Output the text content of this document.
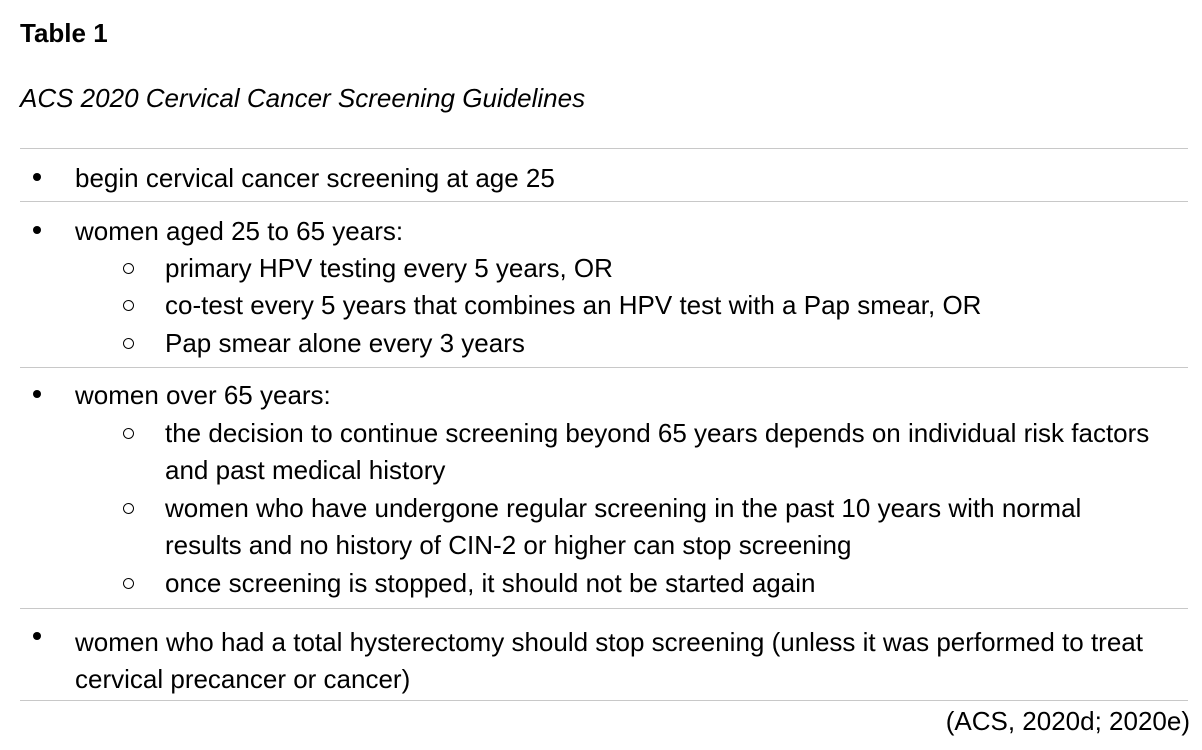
Table 1
ACS 2020 Cervical Cancer Screening Guidelines
begin cervical cancer screening at age 25
women aged 25 to 65 years:
primary HPV testing every 5 years, OR
co-test every 5 years that combines an HPV test with a Pap smear, OR
Pap smear alone every 3 years
women over 65 years:
the decision to continue screening beyond 65 years depends on individual risk factors and past medical history
women who have undergone regular screening in the past 10 years with normal results and no history of CIN-2 or higher can stop screening
once screening is stopped, it should not be started again
women who had a total hysterectomy should stop screening (unless it was performed to treat cervical precancer or cancer)
(ACS, 2020d; 2020e)
